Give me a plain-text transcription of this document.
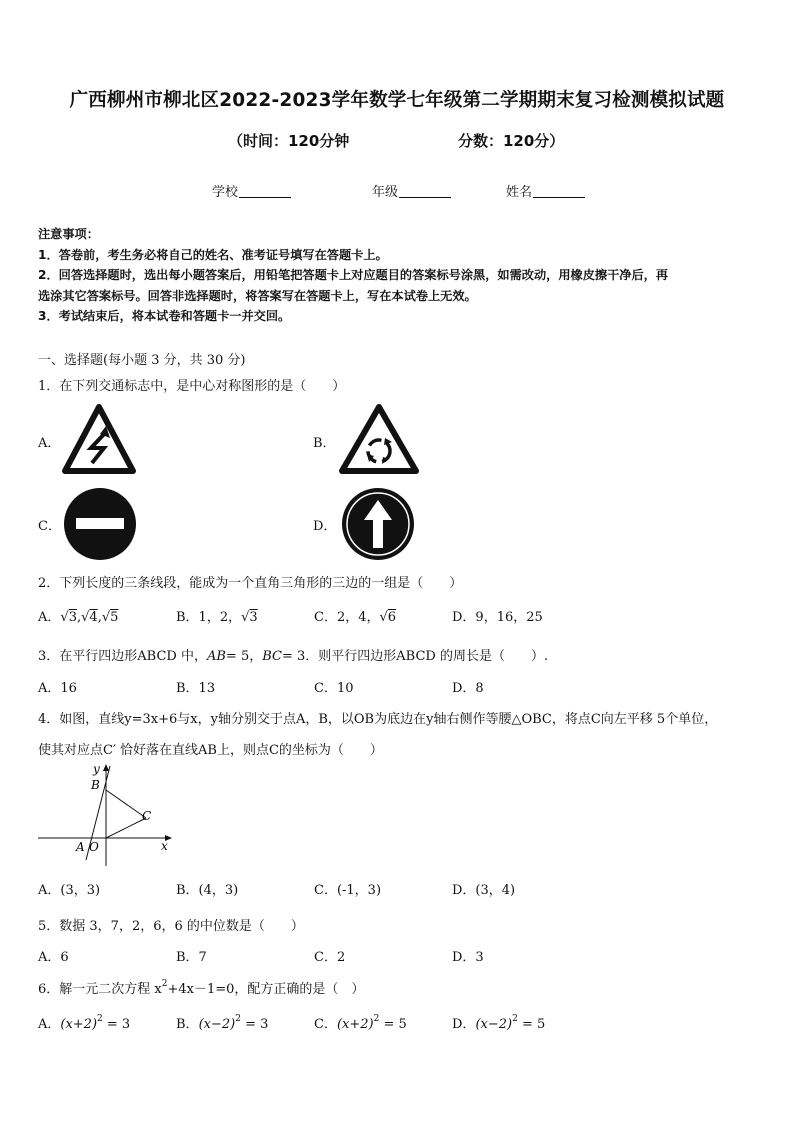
广西柳州市柳北区2022-2023学年数学七年级第二学期期末复习检测模拟试题
（时间：120分钟	分数：120分）
学校	年级	姓名
注意事项：
1．答卷前，考生务必将自己的姓名、准考证号填写在答题卡上。
2．回答选择题时，选出每小题答案后，用铅笔把答题卡上对应题目的答案标号涂黑，如需改动，用橡皮擦干净后，再
选涂其它答案标号。回答非选择题时，将答案写在答题卡上，写在本试卷上无效。
3．考试结束后，将本试卷和答题卡一并交回。
一、选择题(每小题 3 分，共 30 分)
1．在下列交通标志中，是中心对称图形的是（　　）
A．	B．
C．	D．
2．下列长度的三条线段，能成为一个直角三角形的三边的一组是（　　）
A．√3,√4,√5	B．1，2，√3	C．2，4，√6	D．9，16，25
3．在平行四边形ABCD 中，AB= 5，BC= 3．则平行四边形ABCD 的周长是（　　）.
A．16	B．13	C．10	D．8
4．如图，直线y=3x+6与x，y轴分别交于点A，B，以OB为底边在y轴右侧作等腰△OBC，将点C向左平移 5个单位，
使其对应点C′ 恰好落在直线AB上，则点C的坐标为（　　）
y
x
B
C
A O
A．(3，3)	B．(4，3)	C．(-1，3)	D．(3，4)
5．数据 3，7，2，6，6 的中位数是（　　）
A．6	B．7	C．2	D．3
6．解一元二次方程 $x^2+4x-1=0$，配方正确的是（　）
A．$(x+2)^2 = 3$	B．$(x-2)^2 = 3$	C．$(x+2)^2 = 5$	D．$(x-2)^2 = 5$
